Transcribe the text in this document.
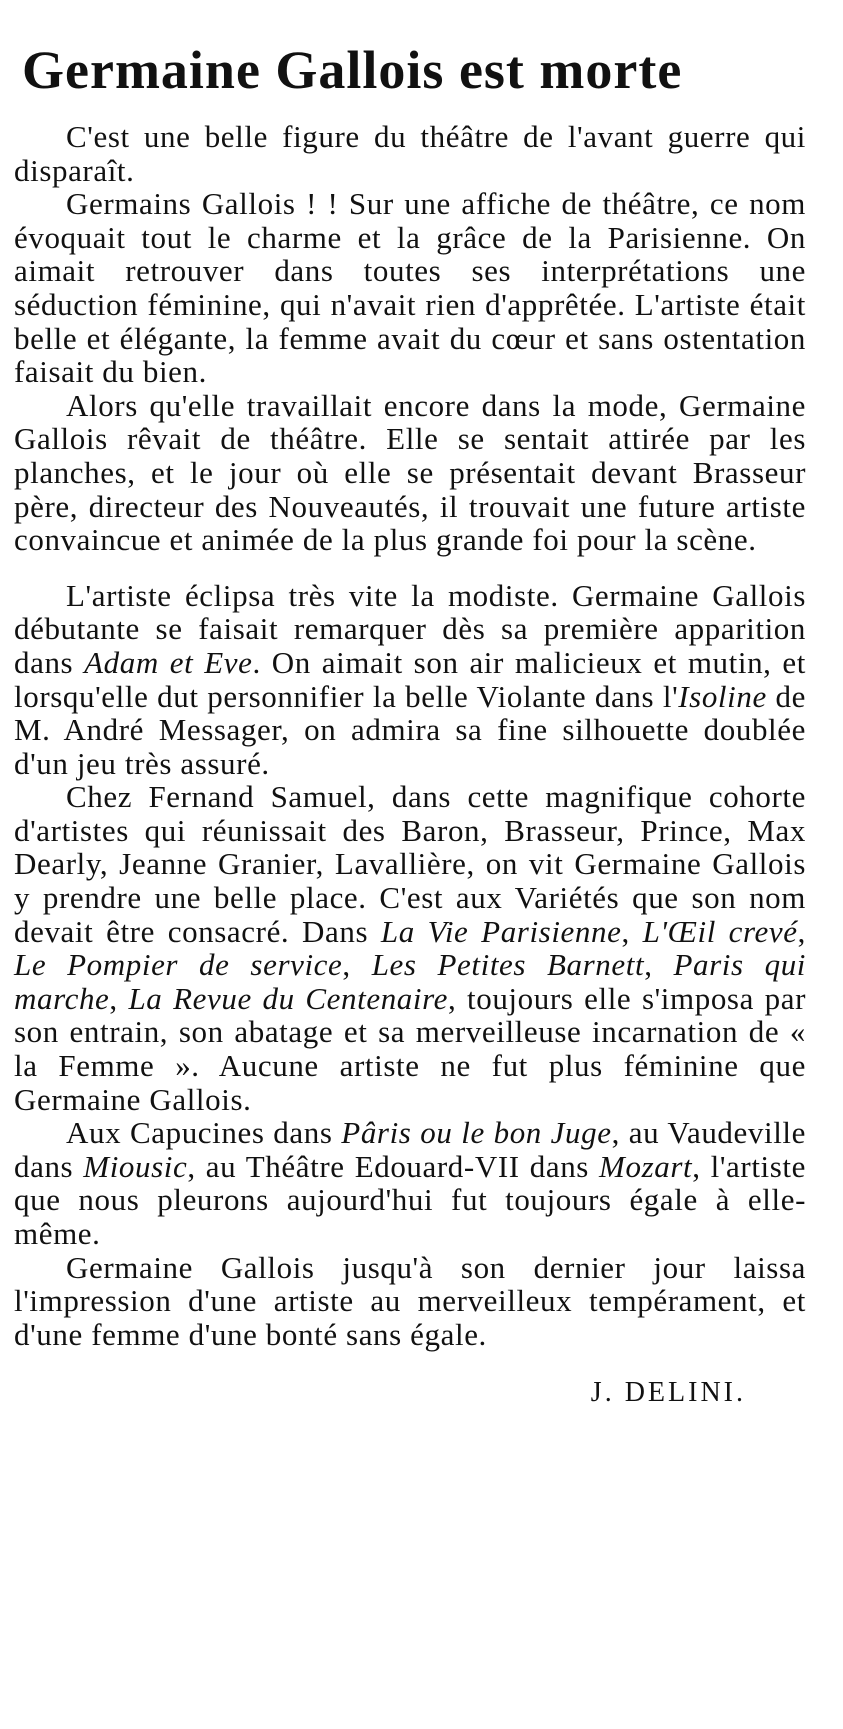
Germaine Gallois est morte

C'est une belle figure du théâtre de l'avant guerre qui disparaît.

Germains Gallois ! ! Sur une affiche de théâtre, ce nom évoquait tout le charme et la grâce de la Parisienne. On aimait retrouver dans toutes ses interprétations une séduction féminine, qui n'avait rien d'apprêtée. L'artiste était belle et élégante, la femme avait du cœur et sans ostentation faisait du bien.

Alors qu'elle travaillait encore dans la mode, Germaine Gallois rêvait de théâtre. Elle se sentait attirée par les planches, et le jour où elle se présentait devant Brasseur père, directeur des Nouveautés, il trouvait une future artiste convaincue et animée de la plus grande foi pour la scène.

L'artiste éclipsa très vite la modiste. Germaine Gallois débutante se faisait remarquer dès sa première apparition dans Adam et Eve. On aimait son air malicieux et mutin, et lorsqu'elle dut personnifier la belle Violante dans l'Isoline de M. André Messager, on admira sa fine silhouette doublée d'un jeu très assuré.

Chez Fernand Samuel, dans cette magnifique cohorte d'artistes qui réunissait des Baron, Brasseur, Prince, Max Dearly, Jeanne Granier, Lavallière, on vit Germaine Gallois y prendre une belle place. C'est aux Variétés que son nom devait être consacré. Dans La Vie Parisienne, L'Œil crevé, Le Pompier de service, Les Petites Barnett, Paris qui marche, La Revue du Centenaire, toujours elle s'imposa par son entrain, son abatage et sa merveilleuse incarnation de « la Femme ». Aucune artiste ne fut plus féminine que Germaine Gallois.

Aux Capucines dans Pâris ou le bon Juge, au Vaudeville dans Miousic, au Théâtre Edouard-VII dans Mozart, l'artiste que nous pleurons aujourd'hui fut toujours égale à elle-même.

Germaine Gallois jusqu'à son dernier jour laissa l'impression d'une artiste au merveilleux tempérament, et d'une femme d'une bonté sans égale.

J. DELINI.
